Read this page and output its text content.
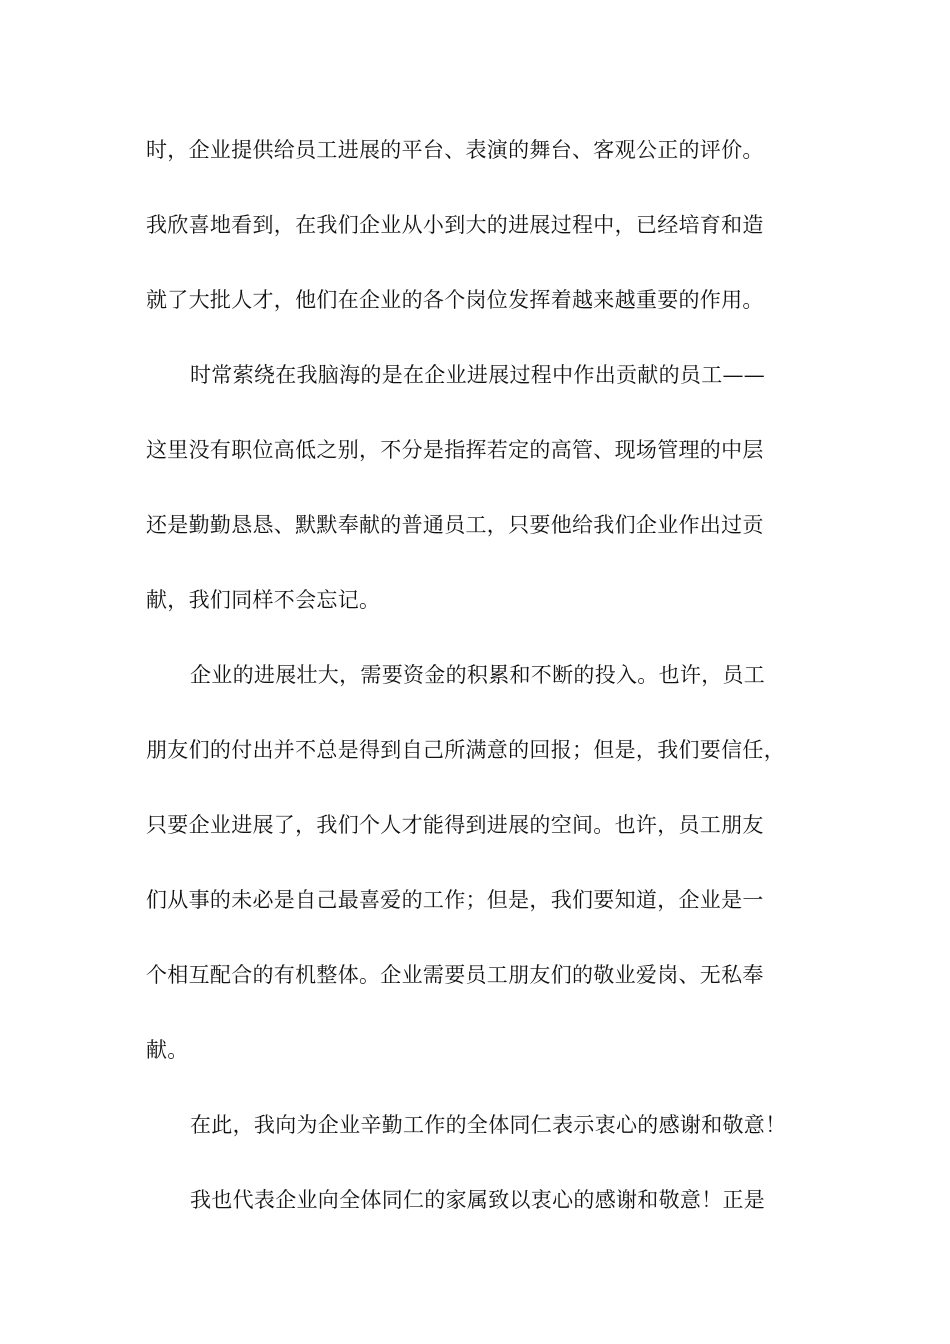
时，企业提供给员工进展的平台、表演的舞台、客观公正的评价。

我欣喜地看到，在我们企业从小到大的进展过程中，已经培育和造

就了大批人才，他们在企业的各个岗位发挥着越来越重要的作用。

时常萦绕在我脑海的是在企业进展过程中作出贡献的员工——

这里没有职位高低之别，不分是指挥若定的高管、现场管理的中层

还是勤勤恳恳、默默奉献的普通员工，只要他给我们企业作出过贡

献，我们同样不会忘记。

企业的进展壮大，需要资金的积累和不断的投入。也许，员工

朋友们的付出并不总是得到自己所满意的回报；但是，我们要信任，

只要企业进展了，我们个人才能得到进展的空间。也许，员工朋友

们从事的未必是自己最喜爱的工作；但是，我们要知道，企业是一

个相互配合的有机整体。企业需要员工朋友们的敬业爱岗、无私奉

献。

在此，我向为企业辛勤工作的全体同仁表示衷心的感谢和敬意！

我也代表企业向全体同仁的家属致以衷心的感谢和敬意！正是
